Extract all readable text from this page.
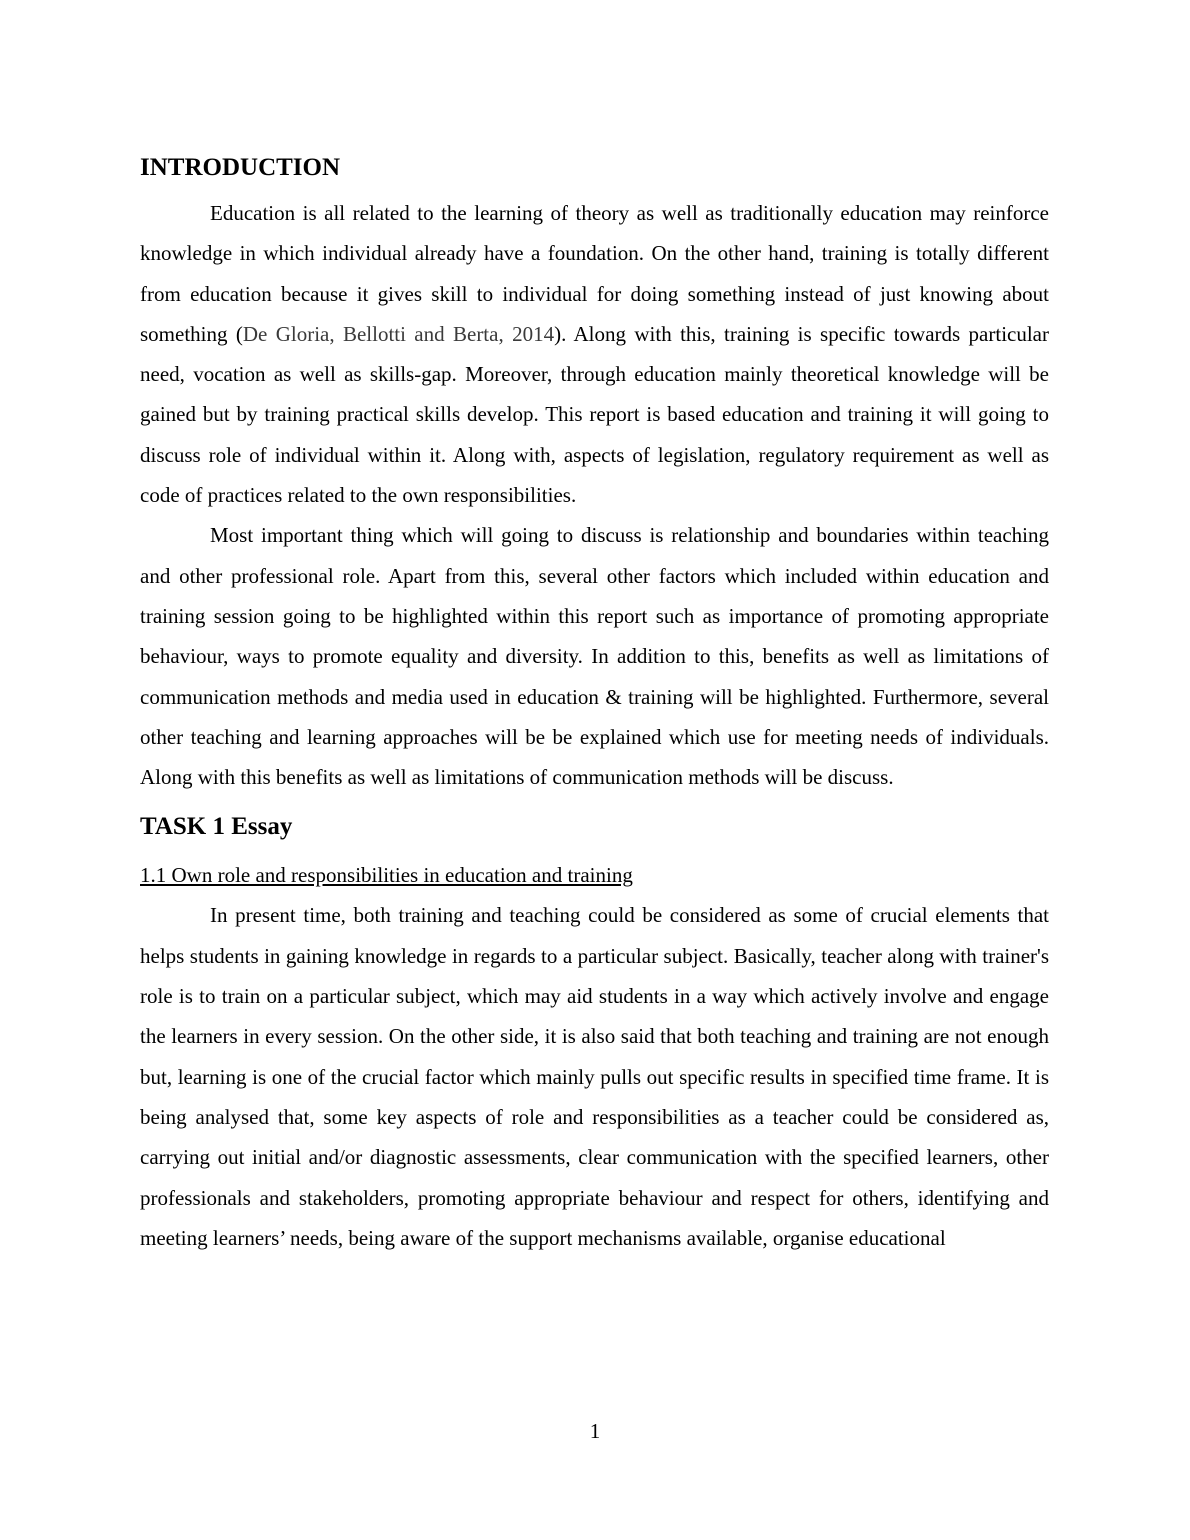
INTRODUCTION

Education is all related to the learning of theory as well as traditionally education may reinforce knowledge in which individual already have a foundation. On the other hand, training is totally different from education because it gives skill to individual for doing something instead of just knowing about something (De Gloria, Bellotti and Berta, 2014). Along with this, training is specific towards particular need, vocation as well as skills-gap. Moreover, through education mainly theoretical knowledge will be gained but by training practical skills develop. This report is based education and training it will going to discuss role of individual within it. Along with, aspects of legislation, regulatory requirement as well as code of practices related to the own responsibilities.

Most important thing which will going to discuss is relationship and boundaries within teaching and other professional role. Apart from this, several other factors which included within education and training session going to be highlighted within this report such as importance of promoting appropriate behaviour, ways to promote equality and diversity. In addition to this, benefits as well as limitations of communication methods and media used in education & training will be highlighted. Furthermore, several other teaching and learning approaches will be be explained which use for meeting needs of individuals. Along with this benefits as well as limitations of communication methods will be discuss.

TASK 1 Essay

1.1 Own role and responsibilities in education and training

In present time, both training and teaching could be considered as some of crucial elements that helps students in gaining knowledge in regards to a particular subject. Basically, teacher along with trainer's role is to train on a particular subject, which may aid students in a way which actively involve and engage the learners in every session. On the other side, it is also said that both teaching and training are not enough but, learning is one of the crucial factor which mainly pulls out specific results in specified time frame. It is being analysed that, some key aspects of role and responsibilities as a teacher could be considered as, carrying out initial and/or diagnostic assessments, clear communication with the specified learners, other professionals and stakeholders, promoting appropriate behaviour and respect for others, identifying and meeting learners’ needs, being aware of the support mechanisms available, organise educational

1
